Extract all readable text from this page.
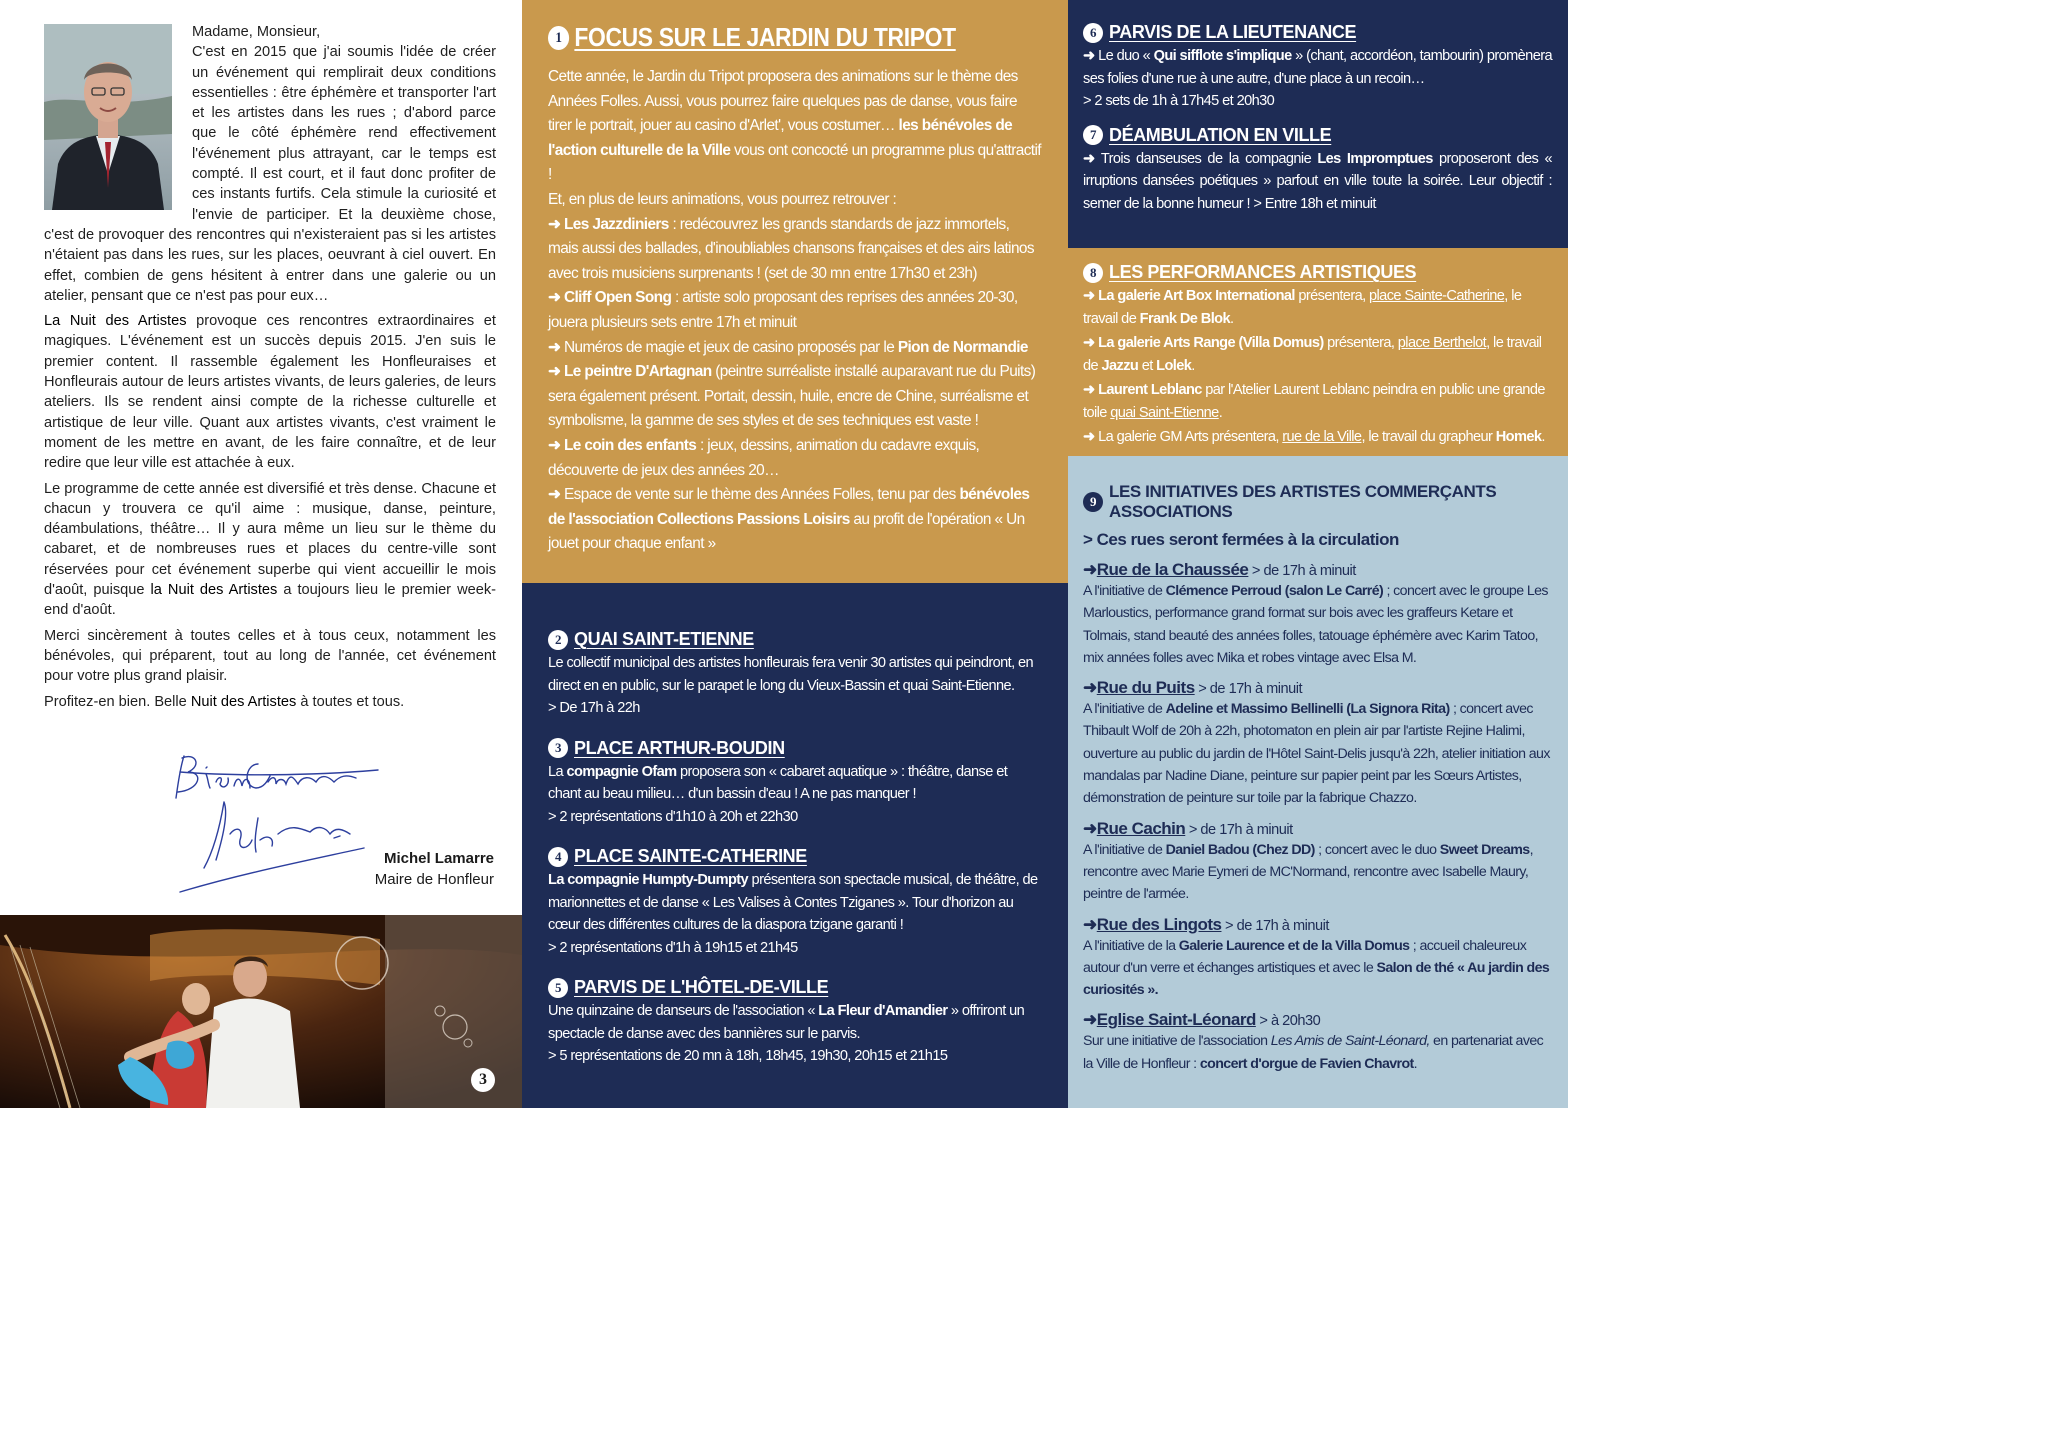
Madame, Monsieur,

C'est en 2015 que j'ai soumis l'idée de créer un événement qui remplirait deux conditions essentielles : être éphémère et transporter l'art et les artistes dans les rues ; d'abord parce que le côté éphémère rend effectivement l'événement plus attrayant, car le temps est compté. Il est court, et il faut donc profiter de ces instants furtifs. Cela stimule la curiosité et l'envie de participer. Et la deuxième chose, c'est de provoquer des rencontres qui n'existeraient pas si les artistes n'étaient pas dans les rues, sur les places, oeuvrant à ciel ouvert. En effet, combien de gens hésitent à entrer dans une galerie ou un atelier, pensant que ce n'est pas pour eux…

La Nuit des Artistes provoque ces rencontres extraordinaires et magiques. L'événement est un succès depuis 2015. J'en suis le premier content. Il rassemble également les Honfleuraises et Honfleurais autour de leurs artistes vivants, de leurs galeries, de leurs ateliers. Ils se rendent ainsi compte de la richesse culturelle et artistique de leur ville. Quant aux artistes vivants, c'est vraiment le moment de les mettre en avant, de les faire connaître, et de leur redire que leur ville est attachée à eux.

Le programme de cette année est diversifié et très dense. Chacune et chacun y trouvera ce qu'il aime : musique, danse, peinture, déambulations, théâtre… Il y aura même un lieu sur le thème du cabaret, et de nombreuses rues et places du centre-ville sont réservées pour cet événement superbe qui vient accueillir le mois d'août, puisque la Nuit des Artistes a toujours lieu le premier week-end d'août.

Merci sincèrement à toutes celles et à tous ceux, notamment les bénévoles, qui préparent, tout au long de l'année, cet événement pour votre plus grand plaisir.

Profitez-en bien. Belle Nuit des Artistes à toutes et tous.

Michel Lamarre
Maire de Honfleur
3
1 FOCUS SUR LE JARDIN DU TRIPOT

Cette année, le Jardin du Tripot proposera des animations sur le thème des Années Folles. Aussi, vous pourrez faire quelques pas de danse, vous faire tirer le portrait, jouer au casino d'Arlet', vous costumer… les bénévoles de l'action culturelle de la Ville vous ont concocté un programme plus qu'attractif !

Et, en plus de leurs animations, vous pourrez retrouver :

➜ Les Jazzdiniers : redécouvrez les grands standards de jazz immortels, mais aussi des ballades, d'inoubliables chansons françaises et des airs latinos avec trois musiciens surprenants ! (set de 30 mn entre 17h30 et 23h)

➜ Cliff Open Song : artiste solo proposant des reprises des années 20-30, jouera plusieurs sets entre 17h et minuit

➜ Numéros de magie et jeux de casino proposés par le Pion de Normandie

➜ Le peintre D'Artagnan (peintre surréaliste installé auparavant rue du Puits) sera également présent. Portait, dessin, huile, encre de Chine, surréalisme et symbolisme, la gamme de ses styles et de ses techniques est vaste !

➜ Le coin des enfants : jeux, dessins, animation du cadavre exquis, découverte de jeux des années 20…

➜ Espace de vente sur le thème des Années Folles, tenu par des bénévoles de l'association Collections Passions Loisirs au profit de l'opération « Un jouet pour chaque enfant »

2 QUAI SAINT-ETIENNE

Le collectif municipal des artistes honfleurais fera venir 30 artistes qui peindront, en direct en en public, sur le parapet le long du Vieux-Bassin et quai Saint-Etienne.

> De 17h à 22h

3 PLACE ARTHUR-BOUDIN

La compagnie Ofam proposera son « cabaret aquatique » : théâtre, danse et chant au beau milieu… d'un bassin d'eau ! A ne pas manquer !

> 2 représentations d'1h10 à 20h et 22h30

4 PLACE SAINTE-CATHERINE

La compagnie Humpty-Dumpty présentera son spectacle musical, de théâtre, de marionnettes et de danse « Les Valises à Contes Tziganes ». Tour d'horizon au cœur des différentes cultures de la diaspora tzigane garanti !

> 2 représentations d'1h à 19h15 et 21h45

5 PARVIS DE L'HÔTEL-DE-VILLE

Une quinzaine de danseurs de l'association « La Fleur d'Amandier » offriront un spectacle de danse avec des bannières sur le parvis.

> 5 représentations de 20 mn à 18h, 18h45, 19h30, 20h15 et 21h15

6 PARVIS DE LA LIEUTENANCE

➜ Le duo « Qui sifflote s'implique » (chant, accordéon, tambourin) promènera ses folies d'une rue à une autre, d'une place à un recoin…

> 2 sets de 1h à 17h45 et 20h30

7 DÉAMBULATION EN VILLE

➜ Trois danseuses de la compagnie Les Impromptues proposeront des « irruptions dansées poétiques » parfout en ville toute la soirée. Leur objectif : semer de la bonne humeur ! > Entre 18h et minuit

8 LES PERFORMANCES ARTISTIQUES

➜ La galerie Art Box International présentera, place Sainte-Catherine, le travail de Frank De Blok.

➜ La galerie Arts Range (Villa Domus) présentera, place Berthelot, le travail de Jazzu et Lolek.

➜ Laurent Leblanc par l'Atelier Laurent Leblanc peindra en public une grande toile quai Saint-Etienne.

➜ La galerie GM Arts présentera, rue de la Ville, le travail du grapheur Homek.

9
LES INITIATIVES DES ARTISTES COMMERÇANTS ASSOCIATIONS
> Ces rues seront fermées à la circulation
➜Rue de la Chaussée > de 17h à minuit

A l'initiative de Clémence Perroud (salon Le Carré) ; concert avec le groupe Les Marloustics, performance grand format sur bois avec les graffeurs Ketare et Tolmais, stand beauté des années folles, tatouage éphémère avec Karim Tatoo, mix années folles avec Mika et robes vintage avec Elsa M.

➜Rue du Puits > de 17h à minuit

A l'initiative de Adeline et Massimo Bellinelli (La Signora Rita) ; concert avec Thibault Wolf de 20h à 22h, photomaton en plein air par l'artiste Rejine Halimi, ouverture au public du jardin de l'Hôtel Saint-Delis jusqu'à 22h, atelier initiation aux mandalas par Nadine Diane, peinture sur papier peint par les Sœurs Artistes, démonstration de peinture sur toile par la fabrique Chazzo.

➜Rue Cachin > de 17h à minuit

A l'initiative de Daniel Badou (Chez DD) ; concert avec le duo Sweet Dreams, rencontre avec Marie Eymeri de MC'Normand, rencontre avec Isabelle Maury, peintre de l'armée.

➜Rue des Lingots > de 17h à minuit

A l'initiative de la Galerie Laurence et de la Villa Domus ; accueil chaleureux autour d'un verre et échanges artistiques et avec le Salon de thé « Au jardin des curiosités ».

➜Eglise Saint-Léonard > à 20h30

Sur une initiative de l'association Les Amis de Saint-Léonard, en partenariat avec la Ville de Honfleur : concert d'orgue de Favien Chavrot.
